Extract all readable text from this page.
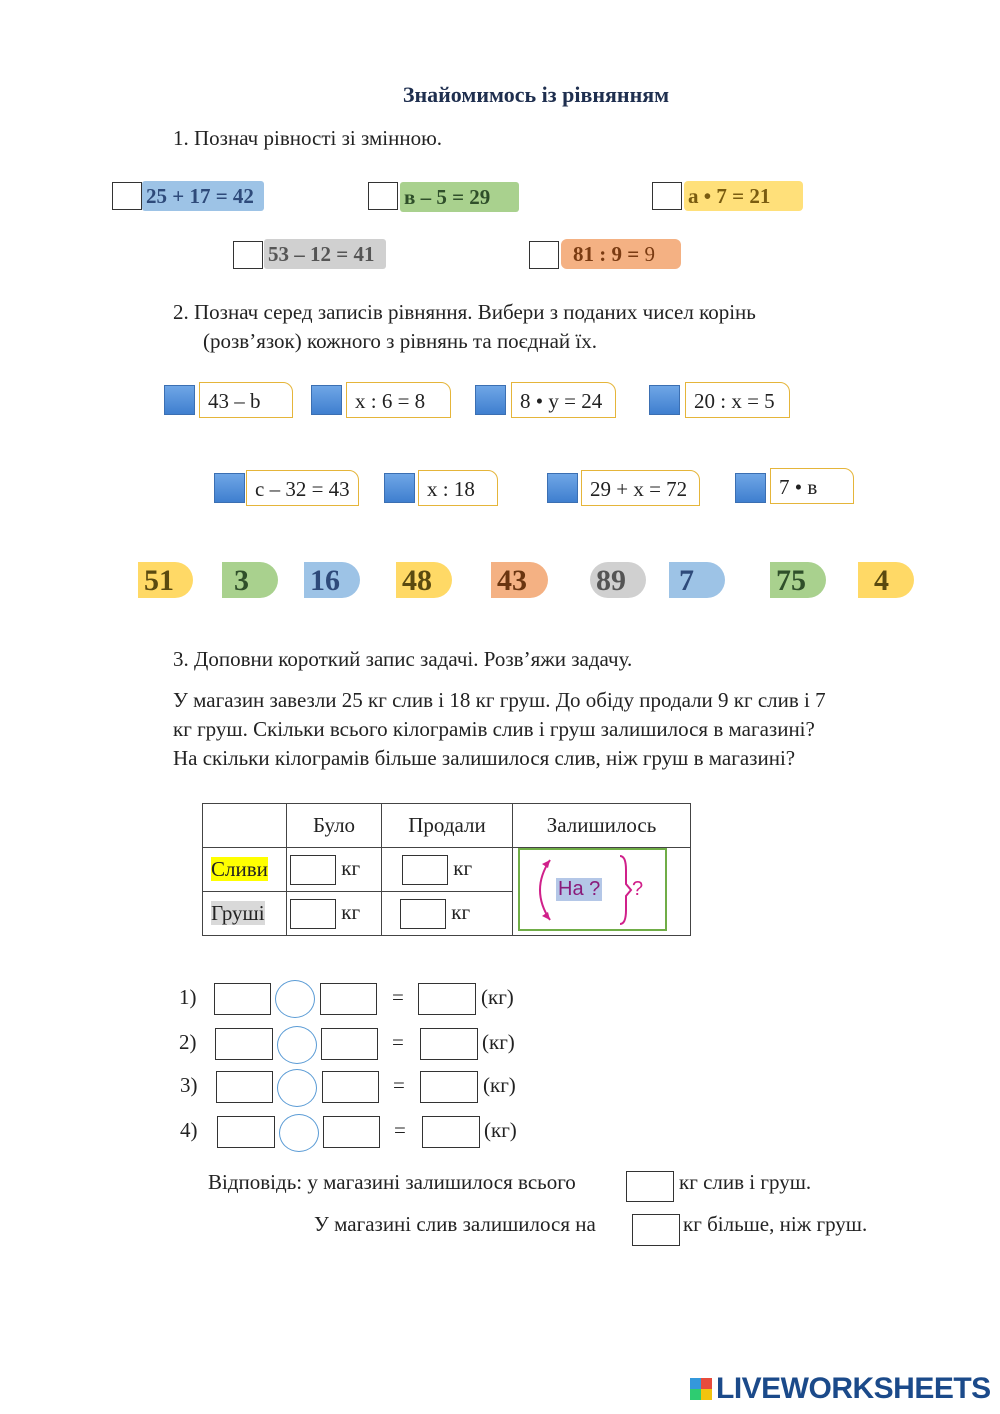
Знайомимось із рівнянням
1. Познач рівності зі змінною.
25 + 17 = 42	в – 5 = 29	а • 7 = 21
53 – 12 = 41	81 : 9 = 9
2. Познач серед записів рівняння. Вибери з поданих чисел корінь
(розв’язок) кожного з рівнянь та поєднай їх.
43 – b	x : 6 = 8	8 • y = 24	20 : x = 5
c – 32 = 43	x : 18	29 + x = 72	7 • в
51	3	16	48	43	89	7	75	4
3. Доповни короткий запис задачі. Розв’яжи задачу.
У магазин завезли 25 кг слив і 18 кг груш. До обіду продали 9 кг слив і 7
кг груш. Скільки всього кілограмів слив і груш залишилося в магазині?
На скільки кілограмів більше залишилося слив, ніж груш в магазині?
	Було	Продали	Залишилось
Сливи	кг	кг	
Груші	кг	кг	
На ? ?
1)	=	(кг)
2)	=	(кг)
3)	=	(кг)
4)	=	(кг)
Відповідь: у магазині залишилося всього	кг слив і груш.
У магазині слив залишилося на	кг більше, ніж груш.
LIVEWORKSHEETS
